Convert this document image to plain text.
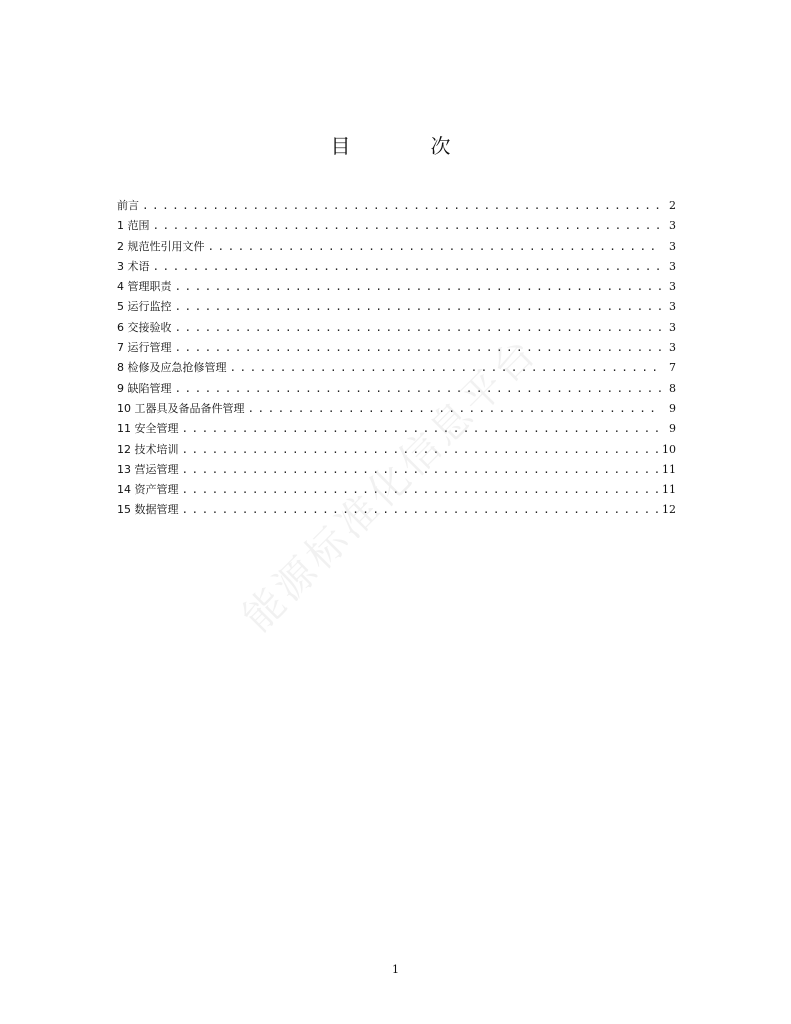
目　次
前言 . . .	2
1 范围 . . .	3
2 规范性引用文件 . . .	3
3 术语 . . .	3
4 管理职责 . . .	3
5 运行监控 . . .	3
6 交接验收 . . .	3
7 运行管理 . . .	3
8 检修及应急抢修管理 . . .	7
9 缺陷管理 . . .	8
10 工器具及备品备件管理 . . .	9
11 安全管理 . . .	9
12 技术培训 . . .	10
13 营运管理 . . .	11
14 资产管理 . . .	11
15 数据管理 . . .	12
能源标准化信息平台
1
